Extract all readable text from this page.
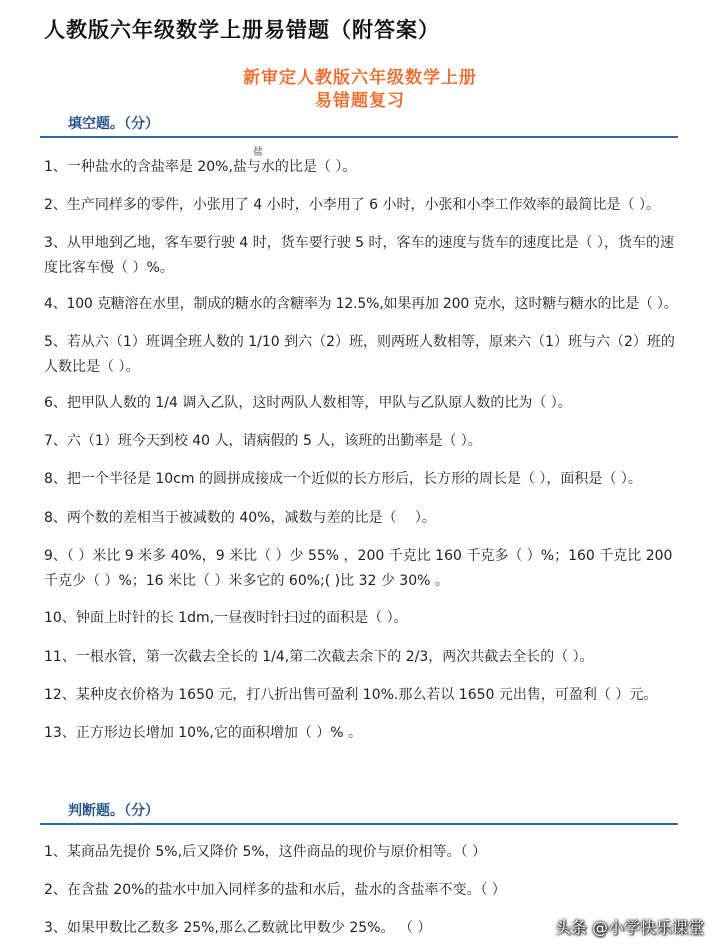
人教版六年级数学上册易错题（附答案）
新审定人教版六年级数学上册
易错题复习
填空题。（分）
盐
1、一种盐水的含盐率是 20%,盐与水的比是（ ）。
2、生产同样多的零件，小张用了 4 小时，小李用了 6 小时，小张和小李工作效率的最简比是（ ）。
3、从甲地到乙地，客车要行驶 4 时，货车要行驶 5 时，客车的速度与货车的速度比是（ ），货车的速度比客车慢（ ）%。
4、100 克糖溶在水里，制成的糖水的含糖率为 12.5%,如果再加 200 克水，这时糖与糖水的比是（ ）。
5、若从六（1）班调全班人数的 1/10 到六（2）班，则两班人数相等，原来六（1）班与六（2）班的人数比是（ ）。
6、把甲队人数的 1/4 调入乙队，这时两队人数相等，甲队与乙队原人数的比为（ ）。
7、六（1）班今天到校 40 人，请病假的 5 人，该班的出勤率是（ ）。
8、把一个半径是 10cm 的圆拼成接成一个近似的长方形后，长方形的周长是（ ），面积是（ ）。
8、两个数的差相当于被减数的 40%，减数与差的比是（　 ）。
9、（ ）米比 9 米多 40%，9 米比（ ）少 55% ，200 千克比 160 千克多（ ）%；160 千克比 200 千克少（ ）%；16 米比（ ）米多它的 60%;( )比 32 少 30% 。
10、钟面上时针的长 1dm,一昼夜时针扫过的面积是（ ）。
11、一根水管，第一次截去全长的 1/4,第二次截去余下的 2/3，两次共截去全长的（ ）。
12、某种皮衣价格为 1650 元，打八折出售可盈利 10%.那么若以 1650 元出售，可盈利（ ）元。
13、正方形边长增加 10%,它的面积增加（ ）% 。
判断题。（分）
1、某商品先提价 5%,后又降价 5%，这件商品的现价与原价相等。（ ）
2、在含盐 20%的盐水中加入同样多的盐和水后，盐水的含盐率不变。（ ）
3、如果甲数比乙数多 25%,那么乙数就比甲数少 25%。 （ ）	头条 @小学快乐课堂
